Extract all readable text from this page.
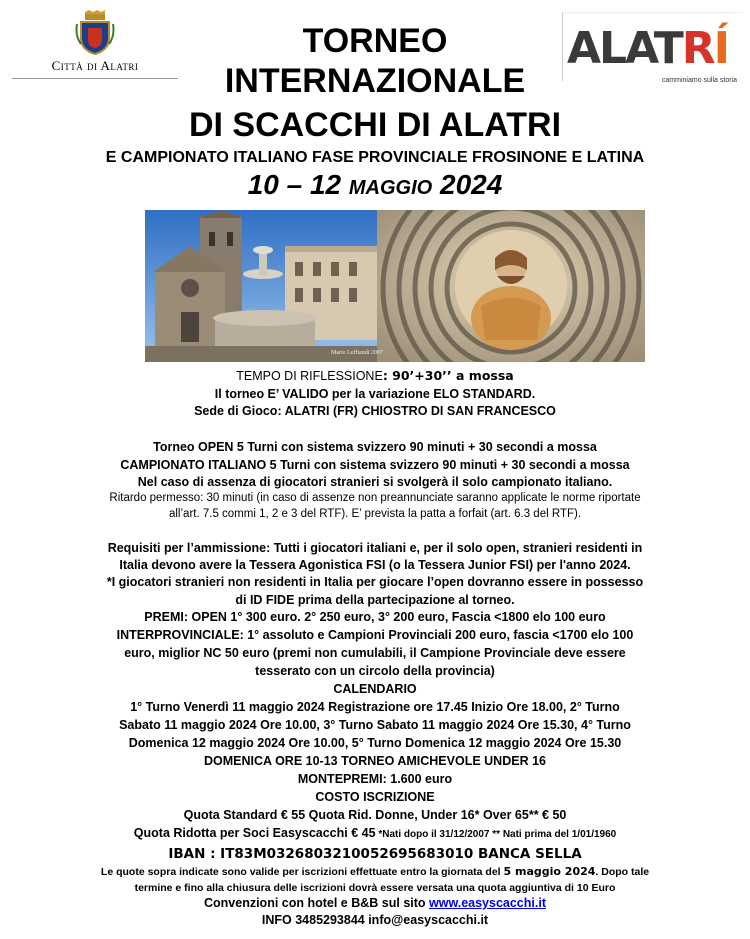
Città di Alatri	ALATRÍ
camminiamo sulla storia
TORNEO
INTERNAZIONALE
DI SCACCHI DI ALATRI
E CAMPIONATO ITALIANO FASE PROVINCIALE FROSINONE E LATINA
10 – 12 MAGGIO 2024
Mario Leffiandi 2007
TEMPO DI RIFLESSIONE: 90’+30’’ a mossa
Il torneo E’ VALIDO per la variazione ELO STANDARD.
Sede di Gioco: ALATRI (FR) CHIOSTRO DI SAN FRANCESCO
Torneo OPEN 5 Turni con sistema svizzero 90 minuti + 30 secondi a mossa
CAMPIONATO ITALIANO 5 Turni con sistema svizzero 90 minuti + 30 secondi a mossa
Nel caso di assenza di giocatori stranieri si svolgerà il solo campionato italiano.
Ritardo permesso: 30 minuti (in caso di assenze non preannunciate saranno applicate le norme riportate
all’art. 7.5 commi 1, 2 e 3 del RTF). E’ prevista la patta a forfait (art. 6.3 del RTF).
Requisiti per l’ammissione: Tutti i giocatori italiani e, per il solo open, stranieri residenti in
Italia devono avere la Tessera Agonistica FSI (o la Tessera Junior FSI) per l'anno 2024.
*I giocatori stranieri non residenti in Italia per giocare l’open dovranno essere in possesso
di ID FIDE prima della partecipazione al torneo.
PREMI: OPEN 1° 300 euro. 2° 250 euro, 3° 200 euro, Fascia <1800 elo 100 euro
INTERPROVINCIALE: 1° assoluto e Campioni Provinciali 200 euro, fascia <1700 elo 100
euro, miglior NC 50 euro (premi non cumulabili, il Campione Provinciale deve essere
tesserato con un circolo della provincia)
CALENDARIO
1° Turno Venerdì 11 maggio 2024 Registrazione ore 17.45 Inizio Ore 18.00, 2° Turno
Sabato 11 maggio 2024 Ore 10.00, 3° Turno Sabato 11 maggio 2024 Ore 15.30, 4° Turno
Domenica 12 maggio 2024 Ore 10.00, 5° Turno Domenica 12 maggio 2024 Ore 15.30
DOMENICA ORE 10-13 TORNEO AMICHEVOLE UNDER 16
MONTEPREMI: 1.600 euro
COSTO ISCRIZIONE
Quota Standard € 55 Quota Rid. Donne, Under 16* Over 65** € 50
Quota Ridotta per Soci Easyscacchi € 45 *Nati dopo il 31/12/2007 ** Nati prima del 1/01/1960
IBAN : IT83M0326803210052695683010 BANCA SELLA
Le quote sopra indicate sono valide per iscrizioni effettuate entro la giornata del 5 maggio 2024. Dopo tale
termine e fino alla chiusura delle iscrizioni dovrà essere versata una quota aggiuntiva di 10 Euro
Convenzioni con hotel e B&B sul sito www.easyscacchi.it
INFO 3485293844 info@easyscacchi.it
